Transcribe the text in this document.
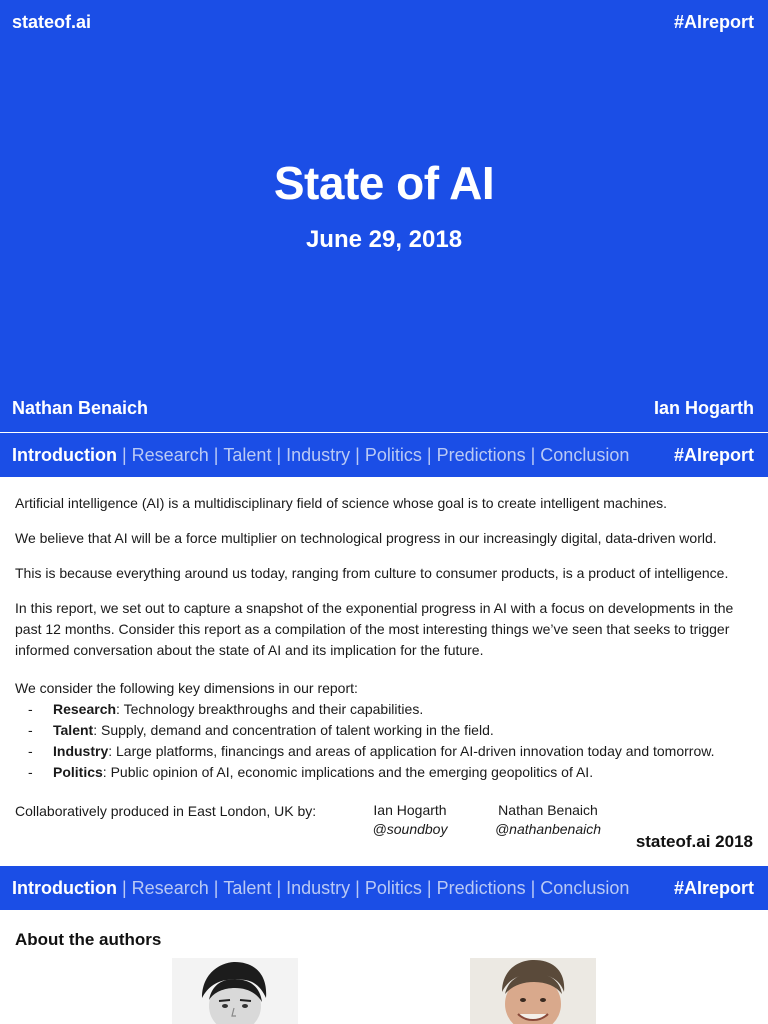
stateof.ai	#AIreport
State of AI
June 29, 2018
Nathan Benaich	Ian Hogarth
Introduction | Research | Talent | Industry | Politics | Predictions | Conclusion #AIreport

Artificial intelligence (AI) is a multidisciplinary field of science whose goal is to create intelligent machines.

We believe that AI will be a force multiplier on technological progress in our increasingly digital, data-driven world.

This is because everything around us today, ranging from culture to consumer products, is a product of intelligence.

In this report, we set out to capture a snapshot of the exponential progress in AI with a focus on developments in the past 12 months. Consider this report as a compilation of the most interesting things we’ve seen that seeks to trigger informed conversation about the state of AI and its implication for the future.

We consider the following key dimensions in our report:

- Research: Technology breakthroughs and their capabilities.
- Talent: Supply, demand and concentration of talent working in the field.
- Industry: Large platforms, financings and areas of application for AI-driven innovation today and tomorrow.
- Politics: Public opinion of AI, economic implications and the emerging geopolitics of AI.
Collaboratively produced in East London, UK by:	Ian Hogarth
@soundboy
Nathan Benaich
@nathanbenaich
stateof.ai 2018
Introduction | Research | Talent | Industry | Politics | Predictions | Conclusion #AIreport
About the authors
